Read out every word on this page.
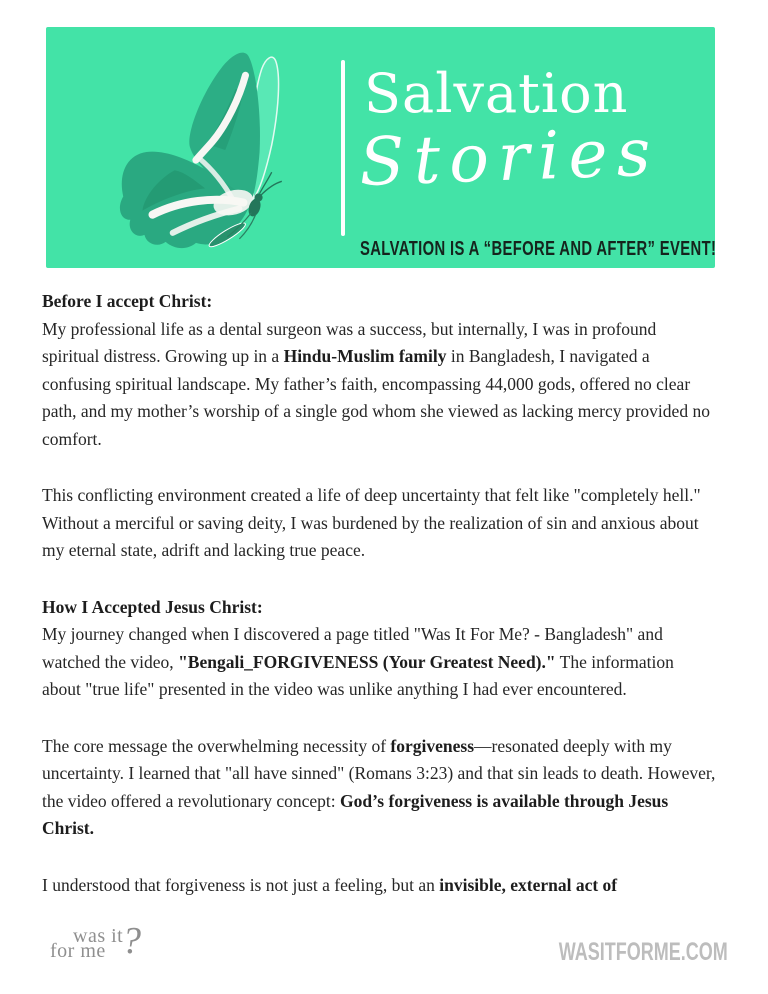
Salvation
Stories
SALVATION IS A “BEFORE AND AFTER” EVENT!
Before I accept Christ:

My professional life as a dental surgeon was a success, but internally, I was in profound spiritual distress. Growing up in a Hindu-Muslim family in Bangladesh, I navigated a confusing spiritual landscape. My father’s faith, encompassing 44,000 gods, offered no clear path, and my mother’s worship of a single god whom she viewed as lacking mercy provided no comfort.

This conflicting environment created a life of deep uncertainty that felt like "completely hell." Without a merciful or saving deity, I was burdened by the realization of sin and anxious about my eternal state, adrift and lacking true peace.

How I Accepted Jesus Christ:

My journey changed when I discovered a page titled "Was It For Me? - Bangladesh" and watched the video, "Bengali_FORGIVENESS (Your Greatest Need)." The information about "true life" presented in the video was unlike anything I had ever encountered.

The core message the overwhelming necessity of forgiveness—resonated deeply with my uncertainty. I learned that "all have sinned" (Romans 3:23) and that sin leads to death. However, the video offered a revolutionary concept: God’s forgiveness is available through Jesus Christ.

I understood that forgiveness is not just a feeling, but an invisible, external act of

was it
for me ?	WASITFORME.COM
